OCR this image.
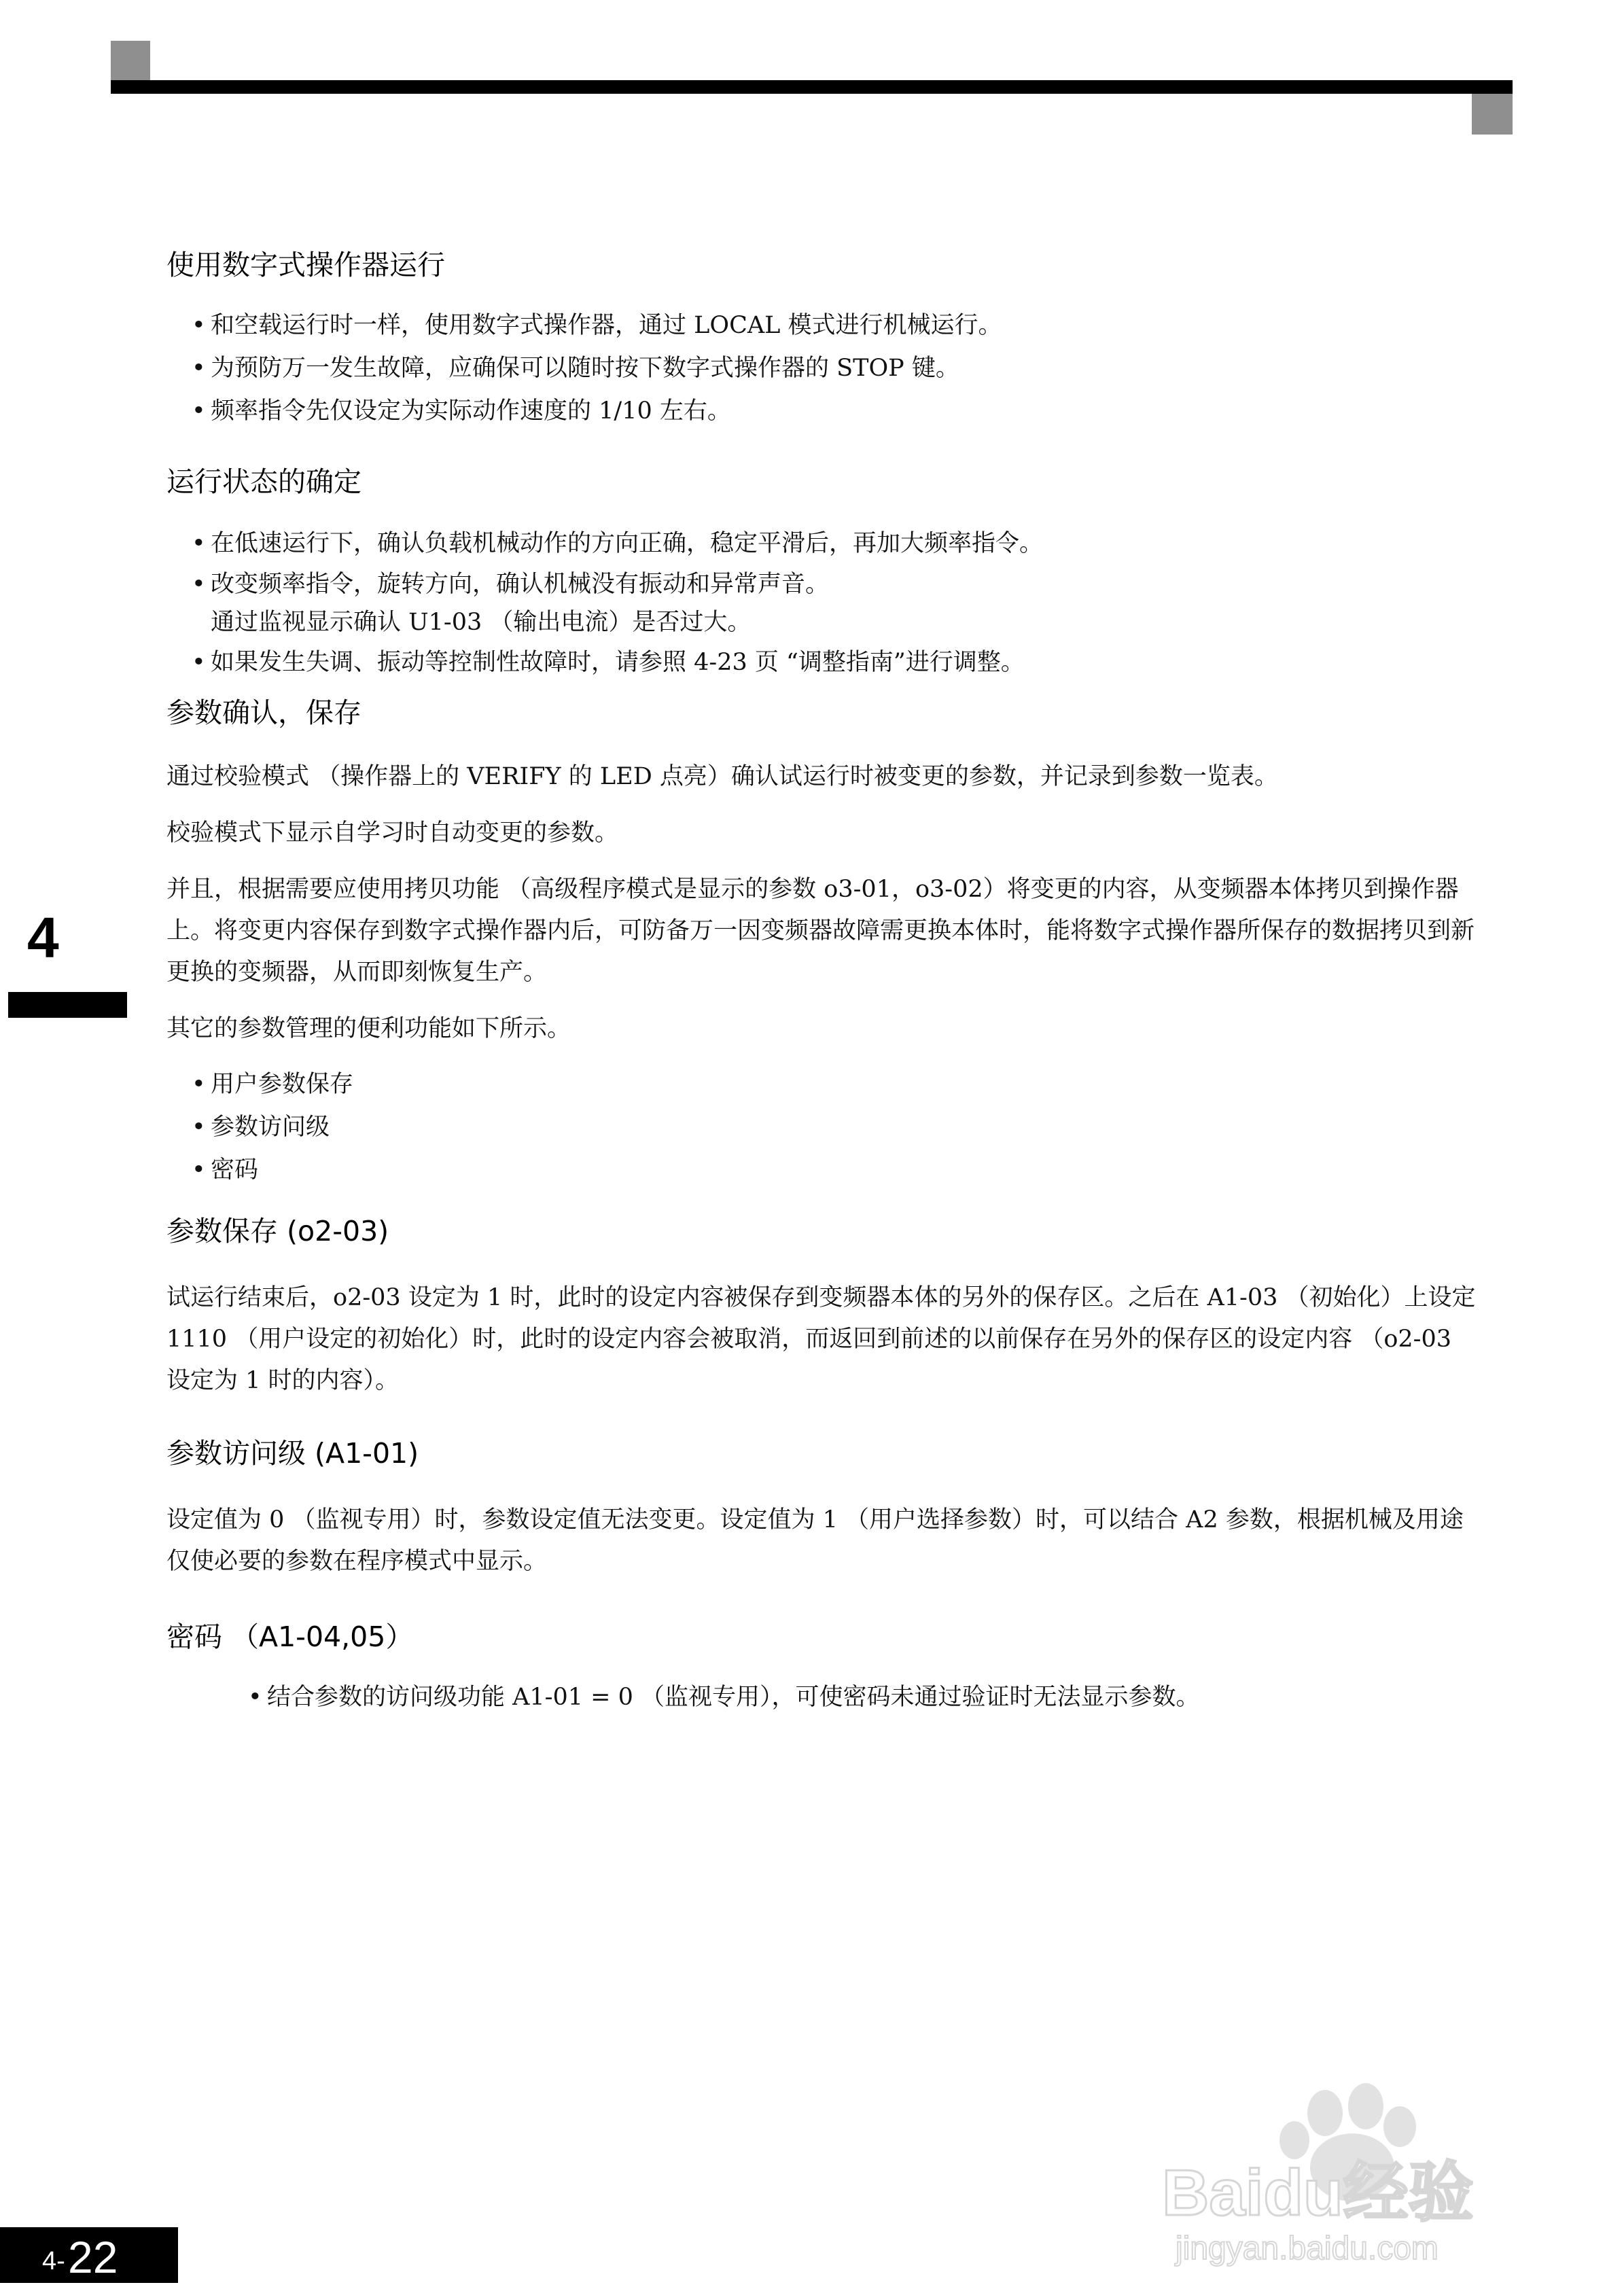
4
使用数字式操作器运行
• 和空载运行时一样，使用数字式操作器，通过 LOCAL 模式进行机械运行。
• 为预防万一发生故障，应确保可以随时按下数字式操作器的 STOP 键。
• 频率指令先仅设定为实际动作速度的 1/10 左右。
运行状态的确定
• 在低速运行下，确认负载机械动作的方向正确，稳定平滑后，再加大频率指令。
• 改变频率指令，旋转方向，确认机械没有振动和异常声音。
通过监视显示确认 U1-03 （输出电流）是否过大。
• 如果发生失调、振动等控制性故障时，请参照 4-23 页 “调整指南”进行调整。
参数确认，保存

通过校验模式 （操作器上的 VERIFY 的 LED 点亮）确认试运行时被变更的参数，并记录到参数一览表。

校验模式下显示自学习时自动变更的参数。

并且，根据需要应使用拷贝功能 （高级程序模式是显示的参数 o3-01，o3-02）将变更的内容，从变频器本体拷贝到操作器上。将变更内容保存到数字式操作器内后，可防备万一因变频器故障需更换本体时，能将数字式操作器所保存的数据拷贝到新更换的变频器，从而即刻恢复生产。

其它的参数管理的便利功能如下所示。

• 用户参数保存
• 参数访问级
• 密码
参数保存 (o2-03)

试运行结束后，o2-03 设定为 1 时，此时的设定内容被保存到变频器本体的另外的保存区。之后在 A1-03 （初始化）上设定 1110 （用户设定的初始化）时，此时的设定内容会被取消，而返回到前述的以前保存在另外的保存区的设定内容 （o2-03 设定为 1 时的内容）。

参数访问级 (A1-01)

设定值为 0 （监视专用）时，参数设定值无法变更。设定值为 1 （用户选择参数）时，可以结合 A2 参数，根据机械及用途仅使必要的参数在程序模式中显示。

密码 （A1-04,05）
• 结合参数的访问级功能 A1-01 = 0 （监视专用），可使密码未通过验证时无法显示参数。
Baidu经验
jingyan.baidu.com
4- 22
